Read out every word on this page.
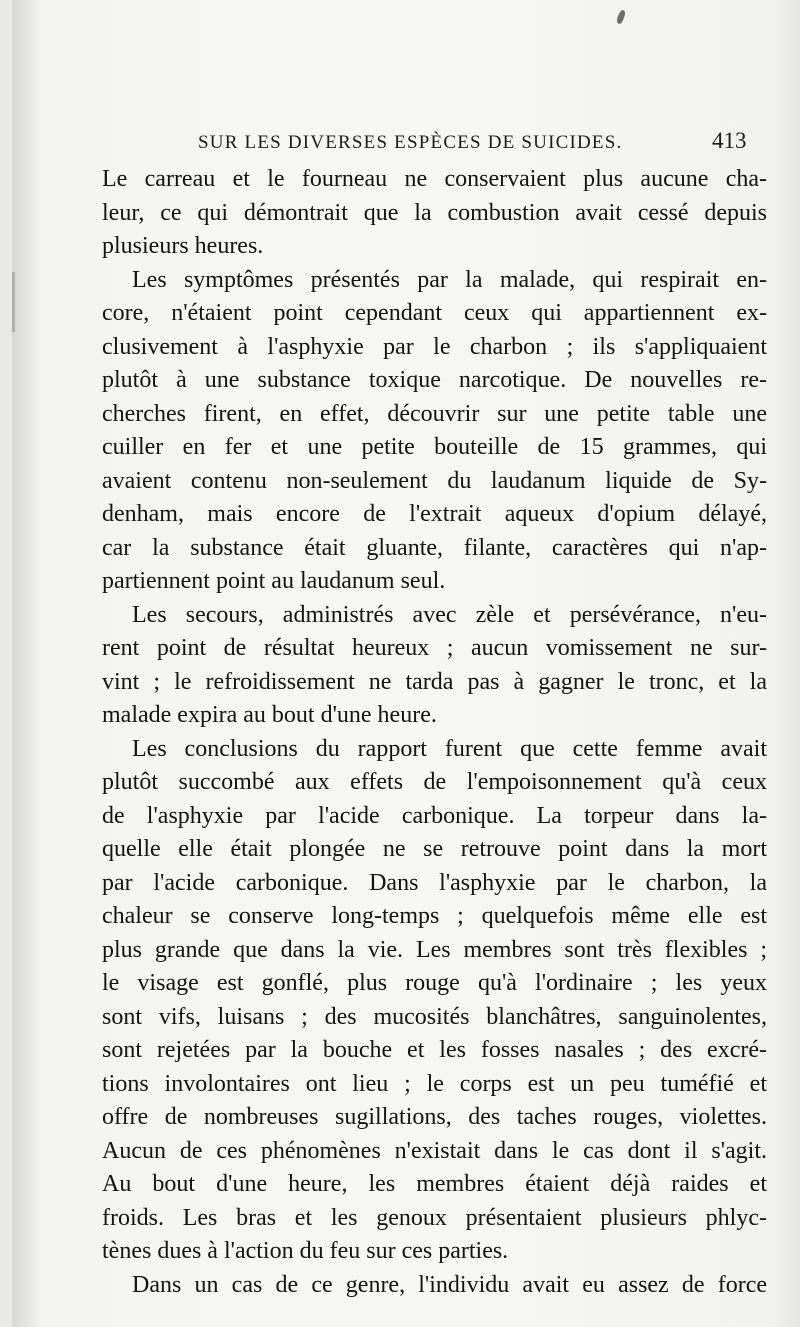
SUR LES DIVERSES ESPÈCES DE SUICIDES.	413
Le carreau et le fourneau ne conservaient plus aucune cha-
leur, ce qui démontrait que la combustion avait cessé depuis
plusieurs heures.
Les symptômes présentés par la malade, qui respirait en-
core, n'étaient point cependant ceux qui appartiennent ex-
clusivement à l'asphyxie par le charbon ; ils s'appliquaient
plutôt à une substance toxique narcotique. De nouvelles re-
cherches firent, en effet, découvrir sur une petite table une
cuiller en fer et une petite bouteille de 15 grammes, qui
avaient contenu non-seulement du laudanum liquide de Sy-
denham, mais encore de l'extrait aqueux d'opium délayé,
car la substance était gluante, filante, caractères qui n'ap-
partiennent point au laudanum seul.
Les secours, administrés avec zèle et persévérance, n'eu-
rent point de résultat heureux ; aucun vomissement ne sur-
vint ; le refroidissement ne tarda pas à gagner le tronc, et la
malade expira au bout d'une heure.
Les conclusions du rapport furent que cette femme avait
plutôt succombé aux effets de l'empoisonnement qu'à ceux
de l'asphyxie par l'acide carbonique. La torpeur dans la-
quelle elle était plongée ne se retrouve point dans la mort
par l'acide carbonique. Dans l'asphyxie par le charbon, la
chaleur se conserve long-temps ; quelquefois même elle est
plus grande que dans la vie. Les membres sont très flexibles ;
le visage est gonflé, plus rouge qu'à l'ordinaire ; les yeux
sont vifs, luisans ; des mucosités blanchâtres, sanguinolentes,
sont rejetées par la bouche et les fosses nasales ; des excré-
tions involontaires ont lieu ; le corps est un peu tuméfié et
offre de nombreuses sugillations, des taches rouges, violettes.
Aucun de ces phénomènes n'existait dans le cas dont il s'agit.
Au bout d'une heure, les membres étaient déjà raides et
froids. Les bras et les genoux présentaient plusieurs phlyc-
tènes dues à l'action du feu sur ces parties.
Dans un cas de ce genre, l'individu avait eu assez de force
